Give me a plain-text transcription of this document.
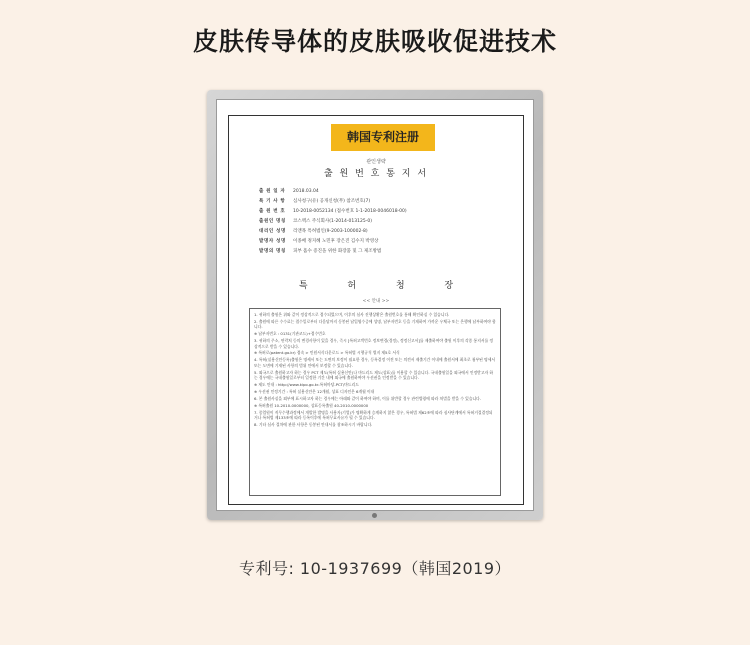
皮肤传导体的皮肤吸收促进技术
韩国专利注册
관인생략
출 원 번 호 통 지 서
출 원 일 자	2018.03.04
특 기 사 항	심사청구(유) 공개신청(무) 참조번호(7)
출 원 번 호	10-2018-0052134 (접수번호 1-1-2018-0046018-00)
출원인 명칭	코스맥스 주식회사(1-2014-013125-0)
대리인 성명	리앤목 특허법인(9-2003-100002-8)
발명자 성명	이종배 정지혜 노민후 장은진 김수지 박영상
발명의 명칭	피부 흡수 증진을 위한 화장품 및 그 제조방법
특	허	청	장
<< 안내 >>
1. 귀하의 출원은 위와 같이 정상적으로 접수되었으며, 이후의 심사 진행상황은 출원번호를 통해 확인하실 수 있습니다.
2. 출원에 따른 수수료는 접수일로부터 다음달까지 동봉된 납입영수증에 성명, 납부자번호 등을 기재하여 가까운 우체국 또는 은행에 납부하여야 합니다.
※ 납부자번호 : 0131(기관코드)+접수번호
3. 귀하의 주소, 연락처 등의 변경사항이 있을 경우, 즉시 [특허고객번호 정보변경(경정), 정정신고서]를 제출하여야 출원 이후의 각종 통지서를 정상적으로 받을 수 있습니다.
※ 특허로(patent.go.kr) 접속 > 민원서식다운로드 > 특허법 시행규칙 별지 제5호 서식
4. 특허(실용신안등록)출원은 명세서 또는 도면의 보정이 필요한 경우, 등록결정 이전 또는 의견서 제출기간 이내에 출원서에 최초로 첨부된 명세서 또는 도면에 기재된 사항의 범위 안에서 보정할 수 있습니다.
5. 외국으로 출원하고자 하는 경우 PCT 제도(특허 실용신안)나 마드리드 제도(상표)를 이용할 수 있습니다. 국내출원일을 외국에서 인정받고자 하는 경우에는 국내출원일로부터 일정한 기간 내에 외국에 출원하여야 우선권을 인정받을 수 있습니다.
※ 제도 안내 : http://www.kipo.go.kr-특허마당-PCT/마드리드
※ 우선권 인정기간 : 특허 실용신안은 12개월, 상표 디자인은 6개월 이내
6. 본 출원사실을 외부에 표시하고자 하는 경우에는 아래와 같이 하여야 하며, 이를 위반할 경우 관련법령에 따라 처벌을 받을 수 있습니다.
※ 특허출원 10-2010-0000000, 상표등록출원 40-2010-0000000
7. 종업원이 직무수행과정에서 개발한 발명을 사용자(기업)가 명확하게 승계하지 않은 경우, 특허법 제62조에 따라 심사단계에서 특허거절결정되거나 특허법 제133조에 따라 등록이후에 특허무효사유가 될 수 있습니다.
8. 기타 심사 절차에 관한 사항은 동봉된 안내서를 참조하시기 바랍니다.
专利号: 10-1937699（韩国2019）
